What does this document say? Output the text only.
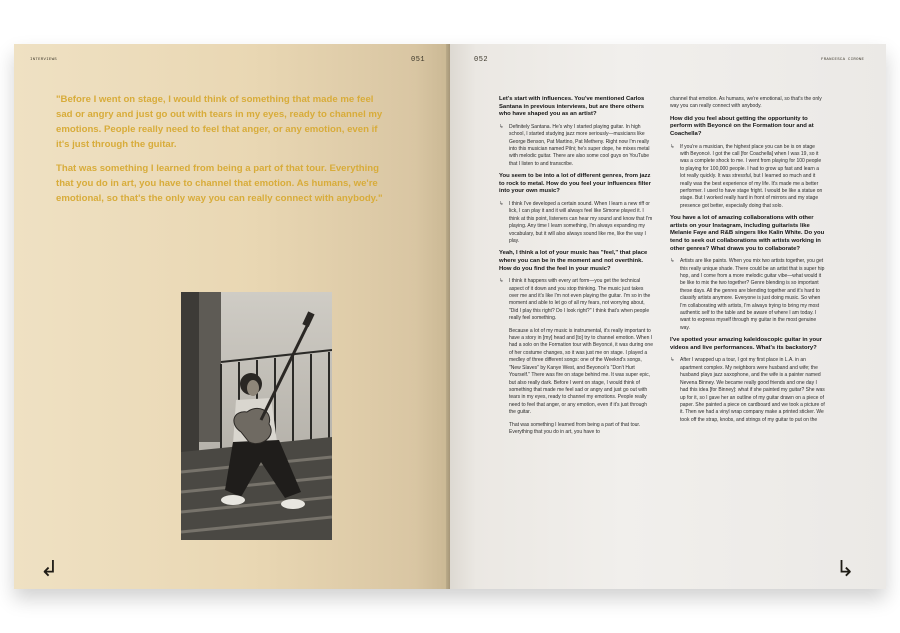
INTERVIEWS	051

"Before I went on stage, I would think of something that made me feel sad or angry and just go out with tears in my eyes, ready to channel my emotions. People really need to feel that anger, or any emotion, even if it's just through the guitar.

That was something I learned from being a part of that tour. Everything that you do in art, you have to channel that emotion. As humans, we're emotional, so that's the only way you can really connect with anybody."

↲
052	FRANCESCA CIRONE
Let's start with influences. You've mentioned Carlos Santana in previous interviews, but are there others who have shaped you as an artist?
↳ Definitely Santana. He's why I started playing guitar. In high school, I started studying jazz more seriously—musicians like George Benson, Pat Martino, Pat Metheny. Right now I'm really into this musician named Pilni; he's super dope, he mixes metal with melodic guitar. There are also some cool guys on YouTube that I listen to and transcribe.

You seem to be into a lot of different genres, from jazz to rock to metal. How do you feel your influences filter into your own music?
↳ I think I've developed a certain sound. When I learn a new riff or lick, I can play it and it will always feel like Simone played it. I think at this point, listeners can hear my sound and know that I'm playing. Any time I learn something, I'm always expanding my vocabulary, but it will also always sound like me, like the way I play.

Yeah, I think a lot of your music has "feel," that place where you can be in the moment and not overthink. How do you find the feel in your music?
↳ I think it happens with every art form—you get the technical aspect of it down and you stop thinking. The music just takes over me and it's like I'm not even playing the guitar. I'm so in the moment and able to let go of all my fears, not worrying about, "Did I play this right? Do I look right?" I think that's when people really feel something.

Because a lot of my music is instrumental, it's really important to have a story in [my] head and [to] try to channel emotion. When I had a solo on the Formation tour with Beyoncé, it was during one of her costume changes, so it was just me on stage. I played a medley of three different songs: one of the Weeknd's songs, "New Slaves" by Kanye West, and Beyoncé's "Don't Hurt Yourself." There was fire on stage behind me. It was super epic, but also really dark. Before I went on stage, I would think of something that made me feel sad or angry and just go out with tears in my eyes, ready to channel my emotions. People really need to feel that anger, or any emotion, even if it's just through the guitar.

That was something I learned from being a part of that tour. Everything that you do in art, you have to

channel that emotion. As humans, we're emotional, so that's the only way you can really connect with anybody.
How did you feel about getting the opportunity to perform with Beyoncé on the Formation tour and at Coachella?
↳ If you're a musician, the highest place you can be is on stage with Beyoncé. I got the call [for Coachella] when I was 19, so it was a complete shock to me. I went from playing for 100 people to playing for 100,000 people. I had to grow up fast and learn a lot really quickly. It was stressful, but I learned so much and it really was the best experience of my life. It's made me a better performer. I used to have stage fright. I would be like a statue on stage. But I worked really hard in front of mirrors and my stage presence got better, especially doing that solo.

You have a lot of amazing collaborations with other artists on your Instagram, including guitarists like Melanie Faye and R&B singers like Kalin White. Do you tend to seek out collaborations with artists working in other genres? What draws you to collaborate?
↳ Artists are like paints. When you mix two artists together, you get this really unique shade. There could be an artist that is super hip hop, and I come from a more melodic guitar vibe—what would it be like to mix the two together? Genre blending is so important these days. All the genres are blending together and it's hard to classify artists anymore. Everyone is just doing music. So when I'm collaborating with artists, I'm always trying to bring my most authentic self to the table and be aware of where I am today. I want to express myself through my guitar in the most genuine way.

I've spotted your amazing kaleidoscopic guitar in your videos and live performances. What's its backstory?
↳ After I wrapped up a tour, I got my first place in L.A. in an apartment complex. My neighbors were husband and wife; the husband plays jazz saxophone, and the wife is a painter named Nevena Binney. We became really good friends and one day I had this idea [for Binney]: what if she painted my guitar? She was up for it, so I gave her an outline of my guitar drawn on a piece of paper. She painted a piece on cardboard and we took a picture of it. Then we had a vinyl wrap company make a printed sticker. We took off the strap, knobs, and strings of my guitar to put on the

↳
